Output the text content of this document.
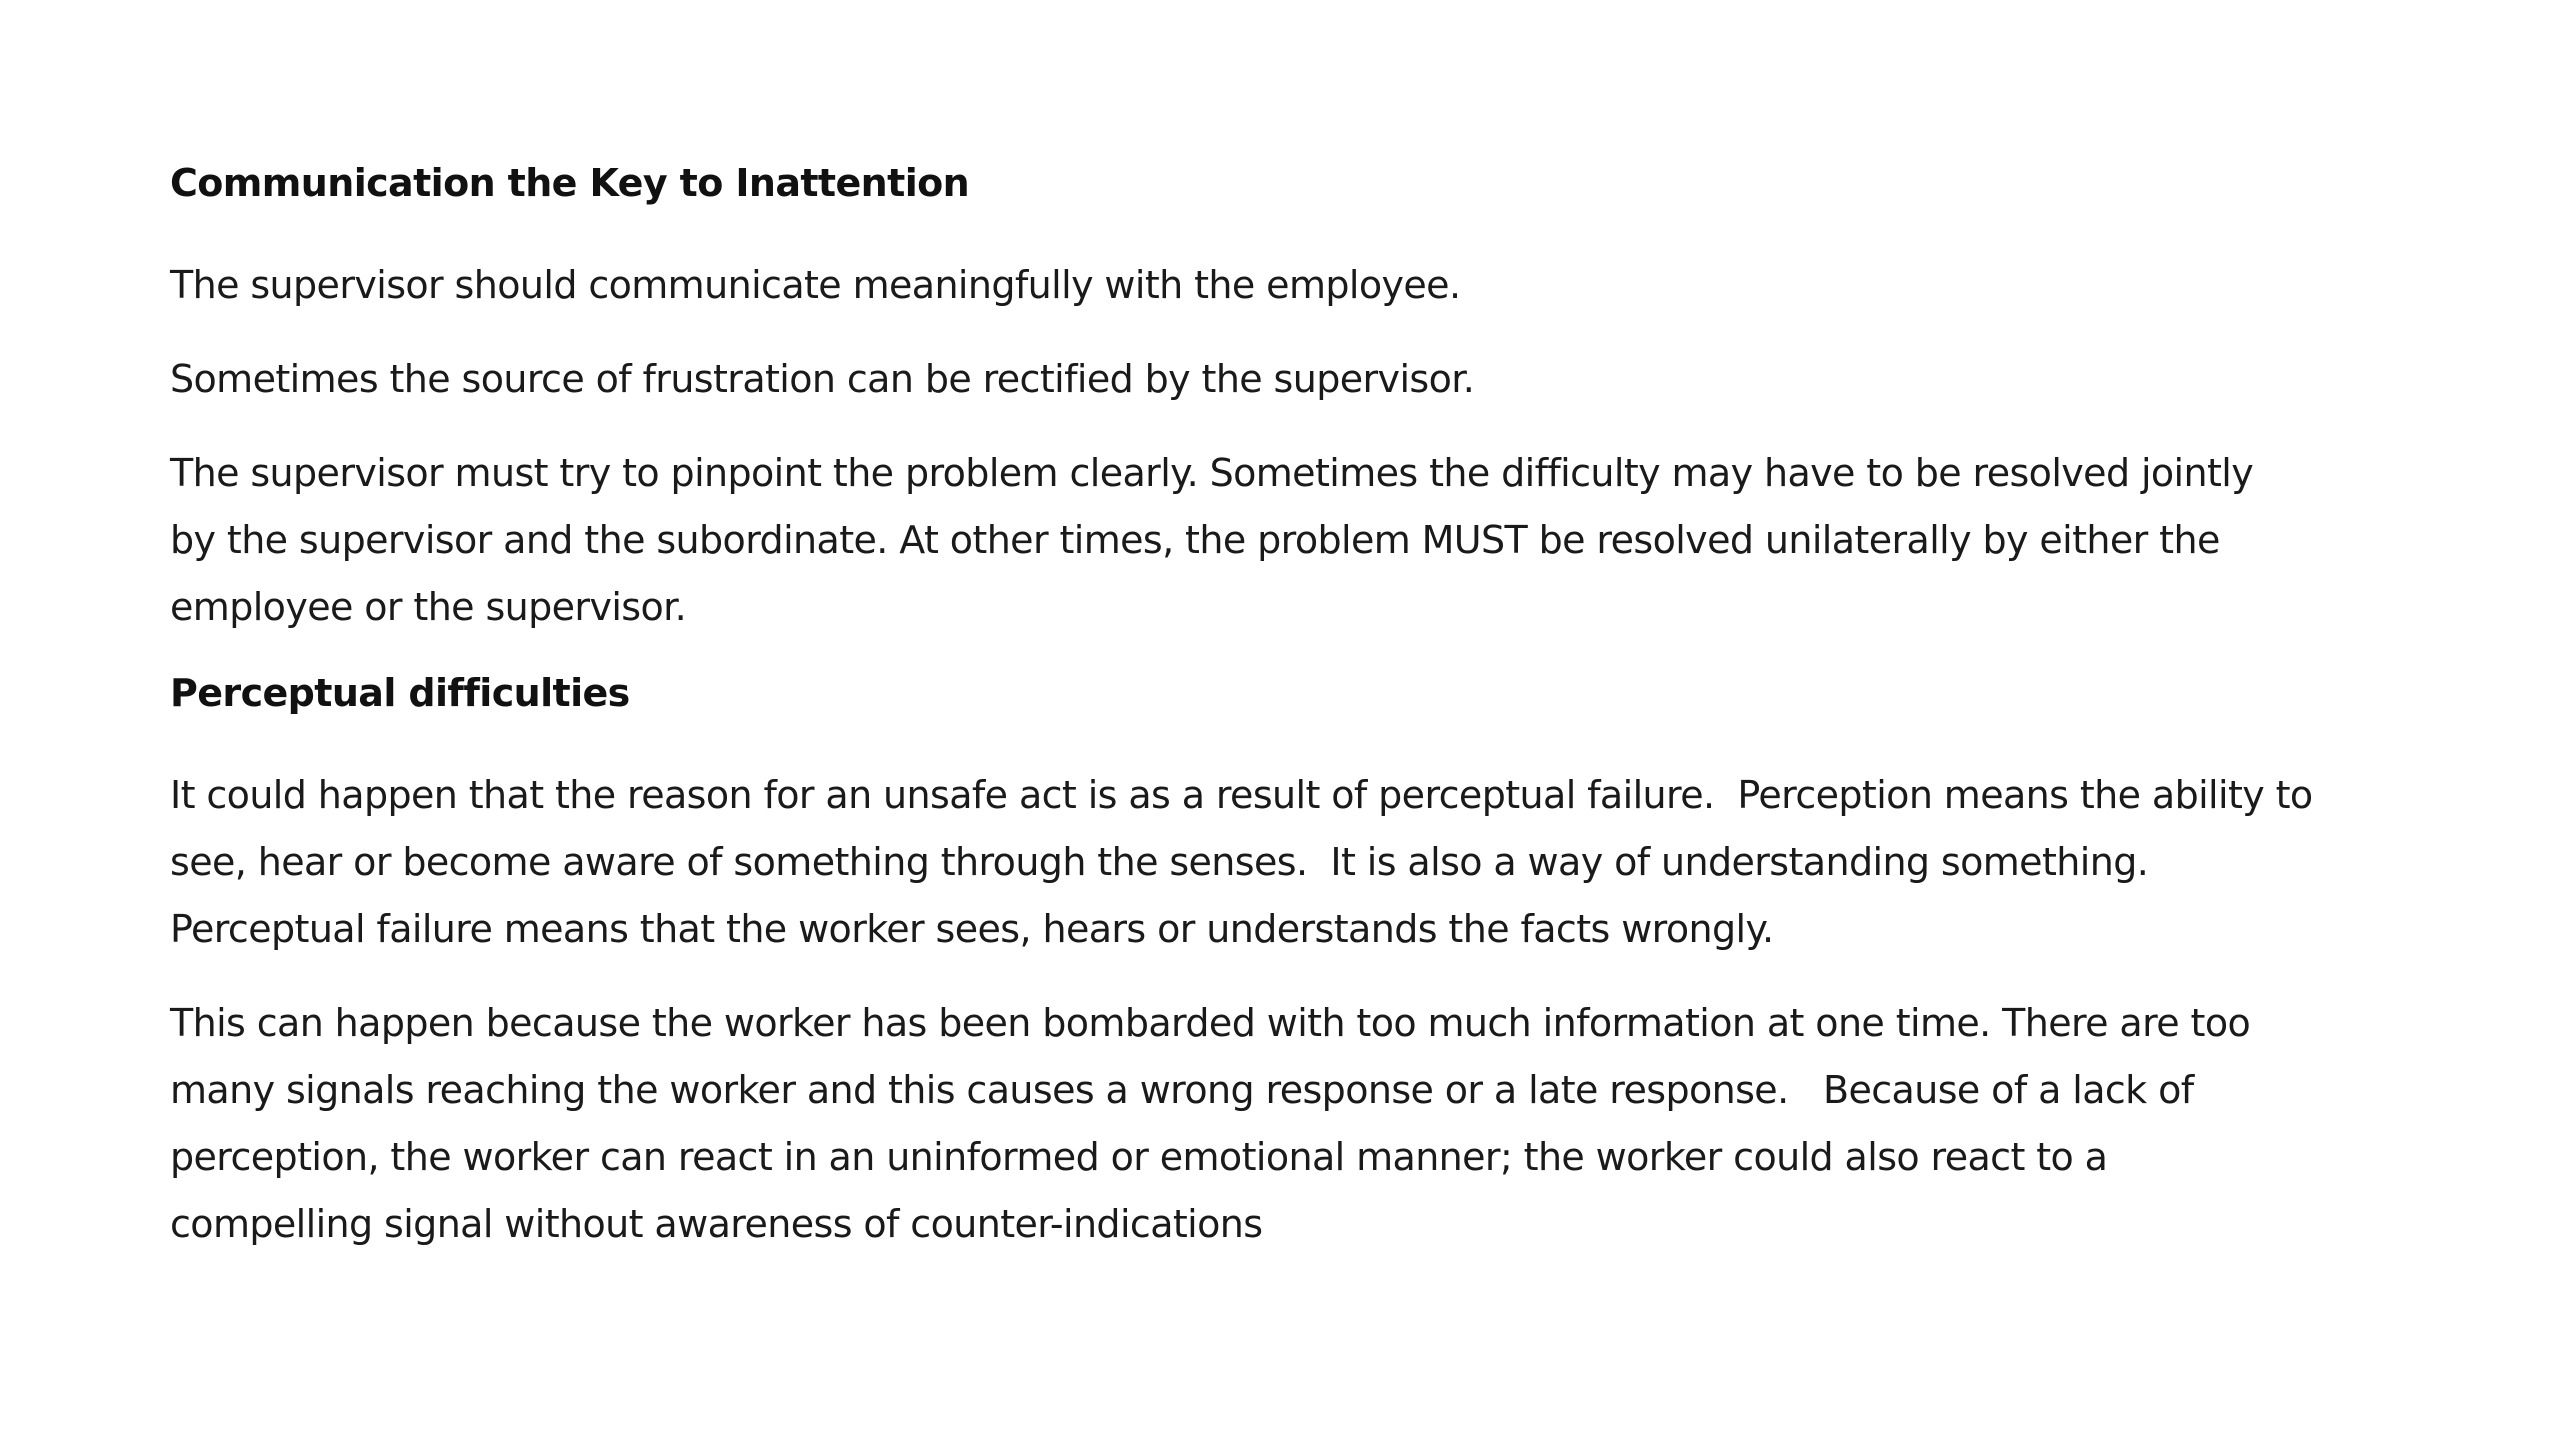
Communication the Key to Inattention
The supervisor should communicate meaningfully with the employee.
Sometimes the source of frustration can be rectified by the supervisor.
The supervisor must try to pinpoint the problem clearly. Sometimes the difficulty may have to be resolved jointly
by the supervisor and the subordinate. At other times, the problem MUST be resolved unilaterally by either the
employee or the supervisor.
Perceptual difficulties
It could happen that the reason for an unsafe act is as a result of perceptual failure.  Perception means the ability to
see, hear or become aware of something through the senses.  It is also a way of understanding something.
Perceptual failure means that the worker sees, hears or understands the facts wrongly.
This can happen because the worker has been bombarded with too much information at one time. There are too
many signals reaching the worker and this causes a wrong response or a late response.   Because of a lack of
perception, the worker can react in an uninformed or emotional manner; the worker could also react to a
compelling signal without awareness of counter-indications
